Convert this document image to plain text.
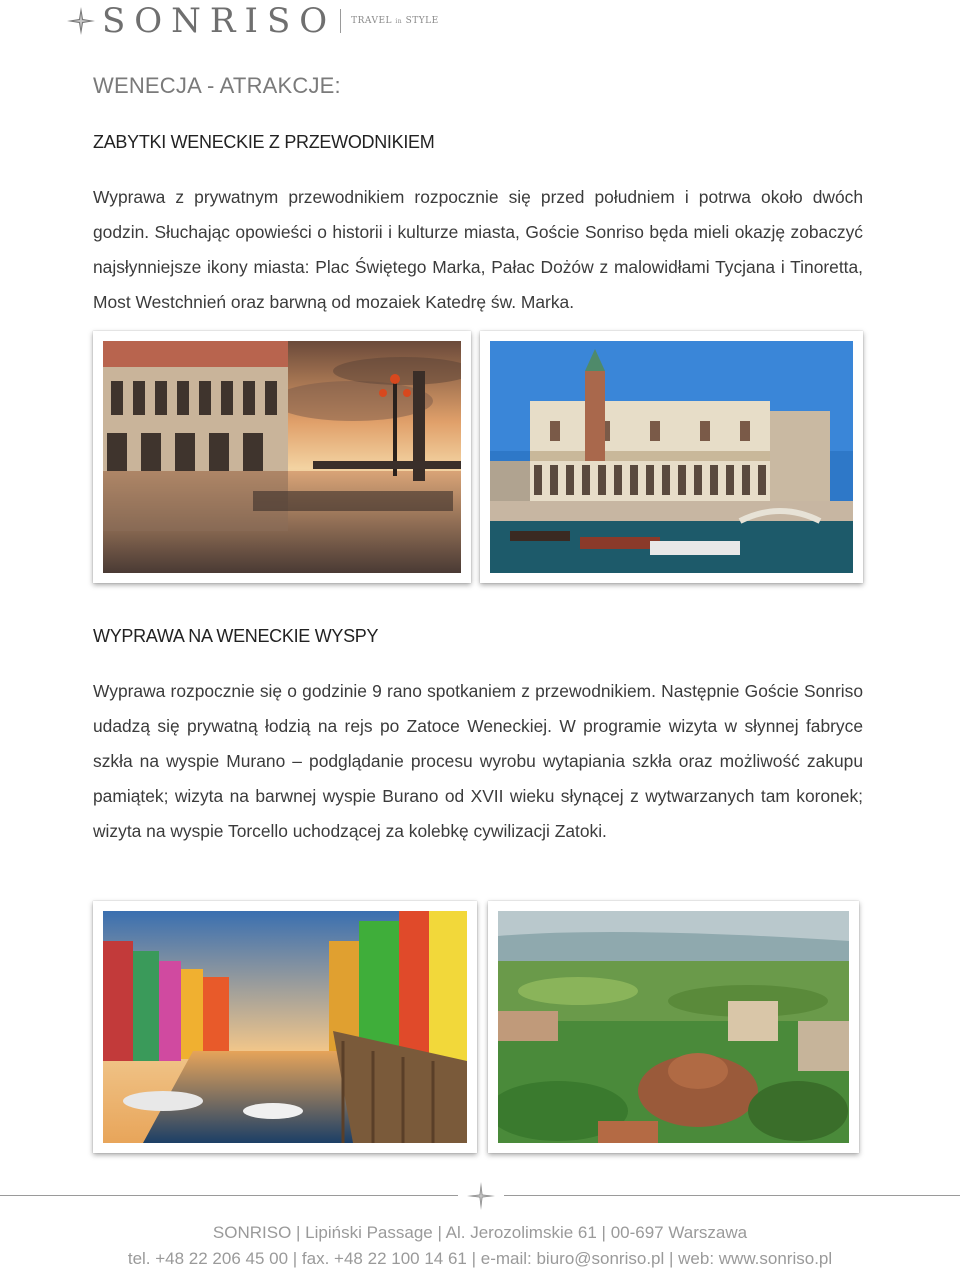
SONRISO TRAVEL in STYLE
WENECJA - ATRAKCJE:
ZABYTKI WENECKIE Z PRZEWODNIKIEM

Wyprawa z prywatnym przewodnikiem rozpocznie się przed południem i potrwa około dwóch godzin. Słuchając opowieści o historii i kulturze miasta, Goście Sonriso będa mieli okazję zobaczyć najsłynniejsze ikony miasta: Plac Świętego Marka, Pałac Dożów z malowidłami Tycjana i Tinoretta, Most Westchnień oraz barwną od mozaiek Katedrę św. Marka.

WYPRAWA NA WENECKIE WYSPY

Wyprawa rozpocznie się o godzinie 9 rano spotkaniem z przewodnikiem. Następnie Goście Sonriso udadzą się prywatną łodzią na rejs po Zatoce Weneckiej. W programie wizyta w słynnej fabryce szkła na wyspie Murano – podglądanie procesu wyrobu wytapiania szkła oraz możliwość zakupu pamiątek; wizyta na barwnej wyspie Burano od XVII wieku słynącej z wytwarzanych tam koronek; wizyta na wyspie Torcello uchodzącej za kolebkę cywilizacji Zatoki.

SONRISO | Lipiński Passage | Al. Jerozolimskie 61 | 00-697 Warszawa

tel. +48 22 206 45 00 | fax. +48 22 100 14 61 | e-mail: biuro@sonriso.pl | web: www.sonriso.pl
